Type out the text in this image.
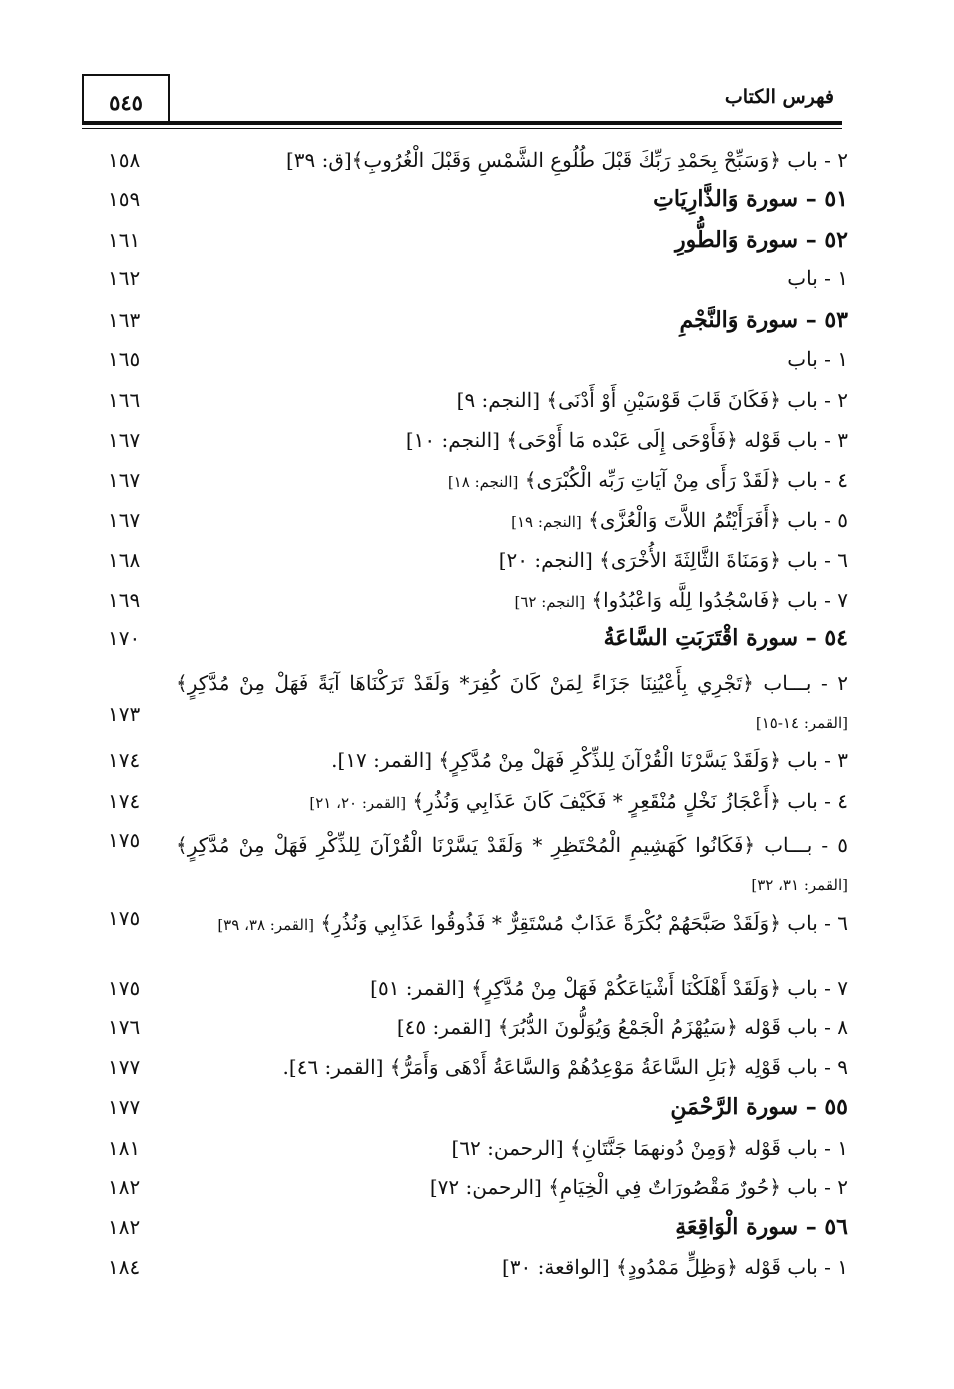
٥٤٥	فهرس الكتاب
٢ - باب ﴿وَسَبِّحْ بِحَمْدِ رَبِّكَ قَبْلَ طُلُوعِ الشَّمْسِ وَقَبْلَ الْغُرُوبِ﴾[ق: ٣٩]
١٥٨
٥١ – سورة وَالذَّارِيَاتِ
١٥٩
٥٢ – سورة وَالطُّورِ
١٦١
١ - باب
١٦٢
٥٣ – سورة وَالنَّجْمِ
١٦٣
١ - باب
١٦٥
٢ - باب ﴿فَكَانَ قَابَ قَوْسَيْنِ أَوْ أَدْنَى﴾ [النجم: ٩]
١٦٦
٣ - باب قَوْله ﴿فَأَوْحَى إِلَى عَبْده مَا أَوْحَى﴾ [النجم: ١٠]
١٦٧
٤ - باب ﴿لَقَدْ رَأَى مِنْ آيَاتِ رَبِّه الْكُبْرَى﴾ [النجم: ١٨]
١٦٧
٥ - باب ﴿أَفَرَأَيْتُمُ اللاَّتَ وَالْعُزَّى﴾ [النجم: ١٩]
١٦٧
٦ - باب ﴿وَمَنَاةَ الثَّالِثَةَ الأُخْرَى﴾ [النجم: ٢٠]
١٦٨
٧ - باب ﴿فَاسْجُدُوا لِلَّه وَاعْبُدُوا﴾ [النجم: ٦٢]
١٦٩
٥٤ – سورة اقْتَرَبَتِ السَّاعَةُ
١٧٠
٢ - بـــاب ﴿تَجْرِي بِأَعْيُنِنَا جَزَاءً لِمَنْ كَانَ كُفِرَ* وَلَقَدْ تَرَكْنَاهَا آيَةً فَهَلْ مِنْ مُدَّكِرٍ﴾ [القمر: ١٤-١٥]
١٧٣
٣ - باب ﴿وَلَقَدْ يَسَّرْنَا الْقُرْآنَ لِلذِّكْرِ فَهَلْ مِنْ مُدَّكِرٍ﴾ [القمر: ١٧].
١٧٤
٤ - باب ﴿أَعْجَازُ نَخْلٍ مُنْقَعِرٍ * فَكَيْفَ كَانَ عَذَابِي وَنُذُرِ﴾ [القمر: ٢٠، ٢١]
١٧٤
٥ - بـــاب ﴿فَكَانُوا كَهَشِيمِ الْمُحْتَظِرِ * وَلَقَدْ يَسَّرْنَا الْقُرْآنَ لِلذِّكْرِ فَهَلْ مِنْ مُدَّكِرٍ﴾ [القمر: ٣١، ٣٢]
١٧٥
٦ - باب ﴿وَلَقَدْ صَبَّحَهُمْ بُكْرَةً عَذَابٌ مُسْتَقِرٌّ * فَذُوقُوا عَذَابِي وَنُذُرِ﴾ [القمر: ٣٨، ٣٩]
١٧٥
٧ - باب ﴿وَلَقَدْ أَهْلَكْنَا أَشْيَاعَكُمْ فَهَلْ مِنْ مُدَّكِرٍ﴾ [القمر: ٥١]
١٧٥
٨ - باب قَوْله ﴿سَيُهْزَمُ الْجَمْعُ وَيُوَلُّونَ الدُّبُرَ﴾ [القمر: ٤٥]
١٧٦
٩ - باب قَوْلِه ﴿بَلِ السَّاعَةُ مَوْعِدُهُمْ وَالسَّاعَةُ أَدْهَى وَأَمَرُّ﴾ [القمر: ٤٦].
١٧٧
٥٥ – سورة الرَّحْمَنِ
١٧٧
١ - باب قَوْله ﴿وَمِنْ دُونهمَا جَنَّتَانِ﴾ [الرحمن: ٦٢]
١٨١
٢ - باب ﴿حُورٌ مَقْصُورَاتٌ فِي الْخِيَامِ﴾ [الرحمن: ٧٢]
١٨٢
٥٦ – سورة الْوَاقِعَةِ
١٨٢
١ - باب قَوْله ﴿وَظِلٍّ مَمْدُودٍ﴾ [الواقعة: ٣٠]
١٨٤
